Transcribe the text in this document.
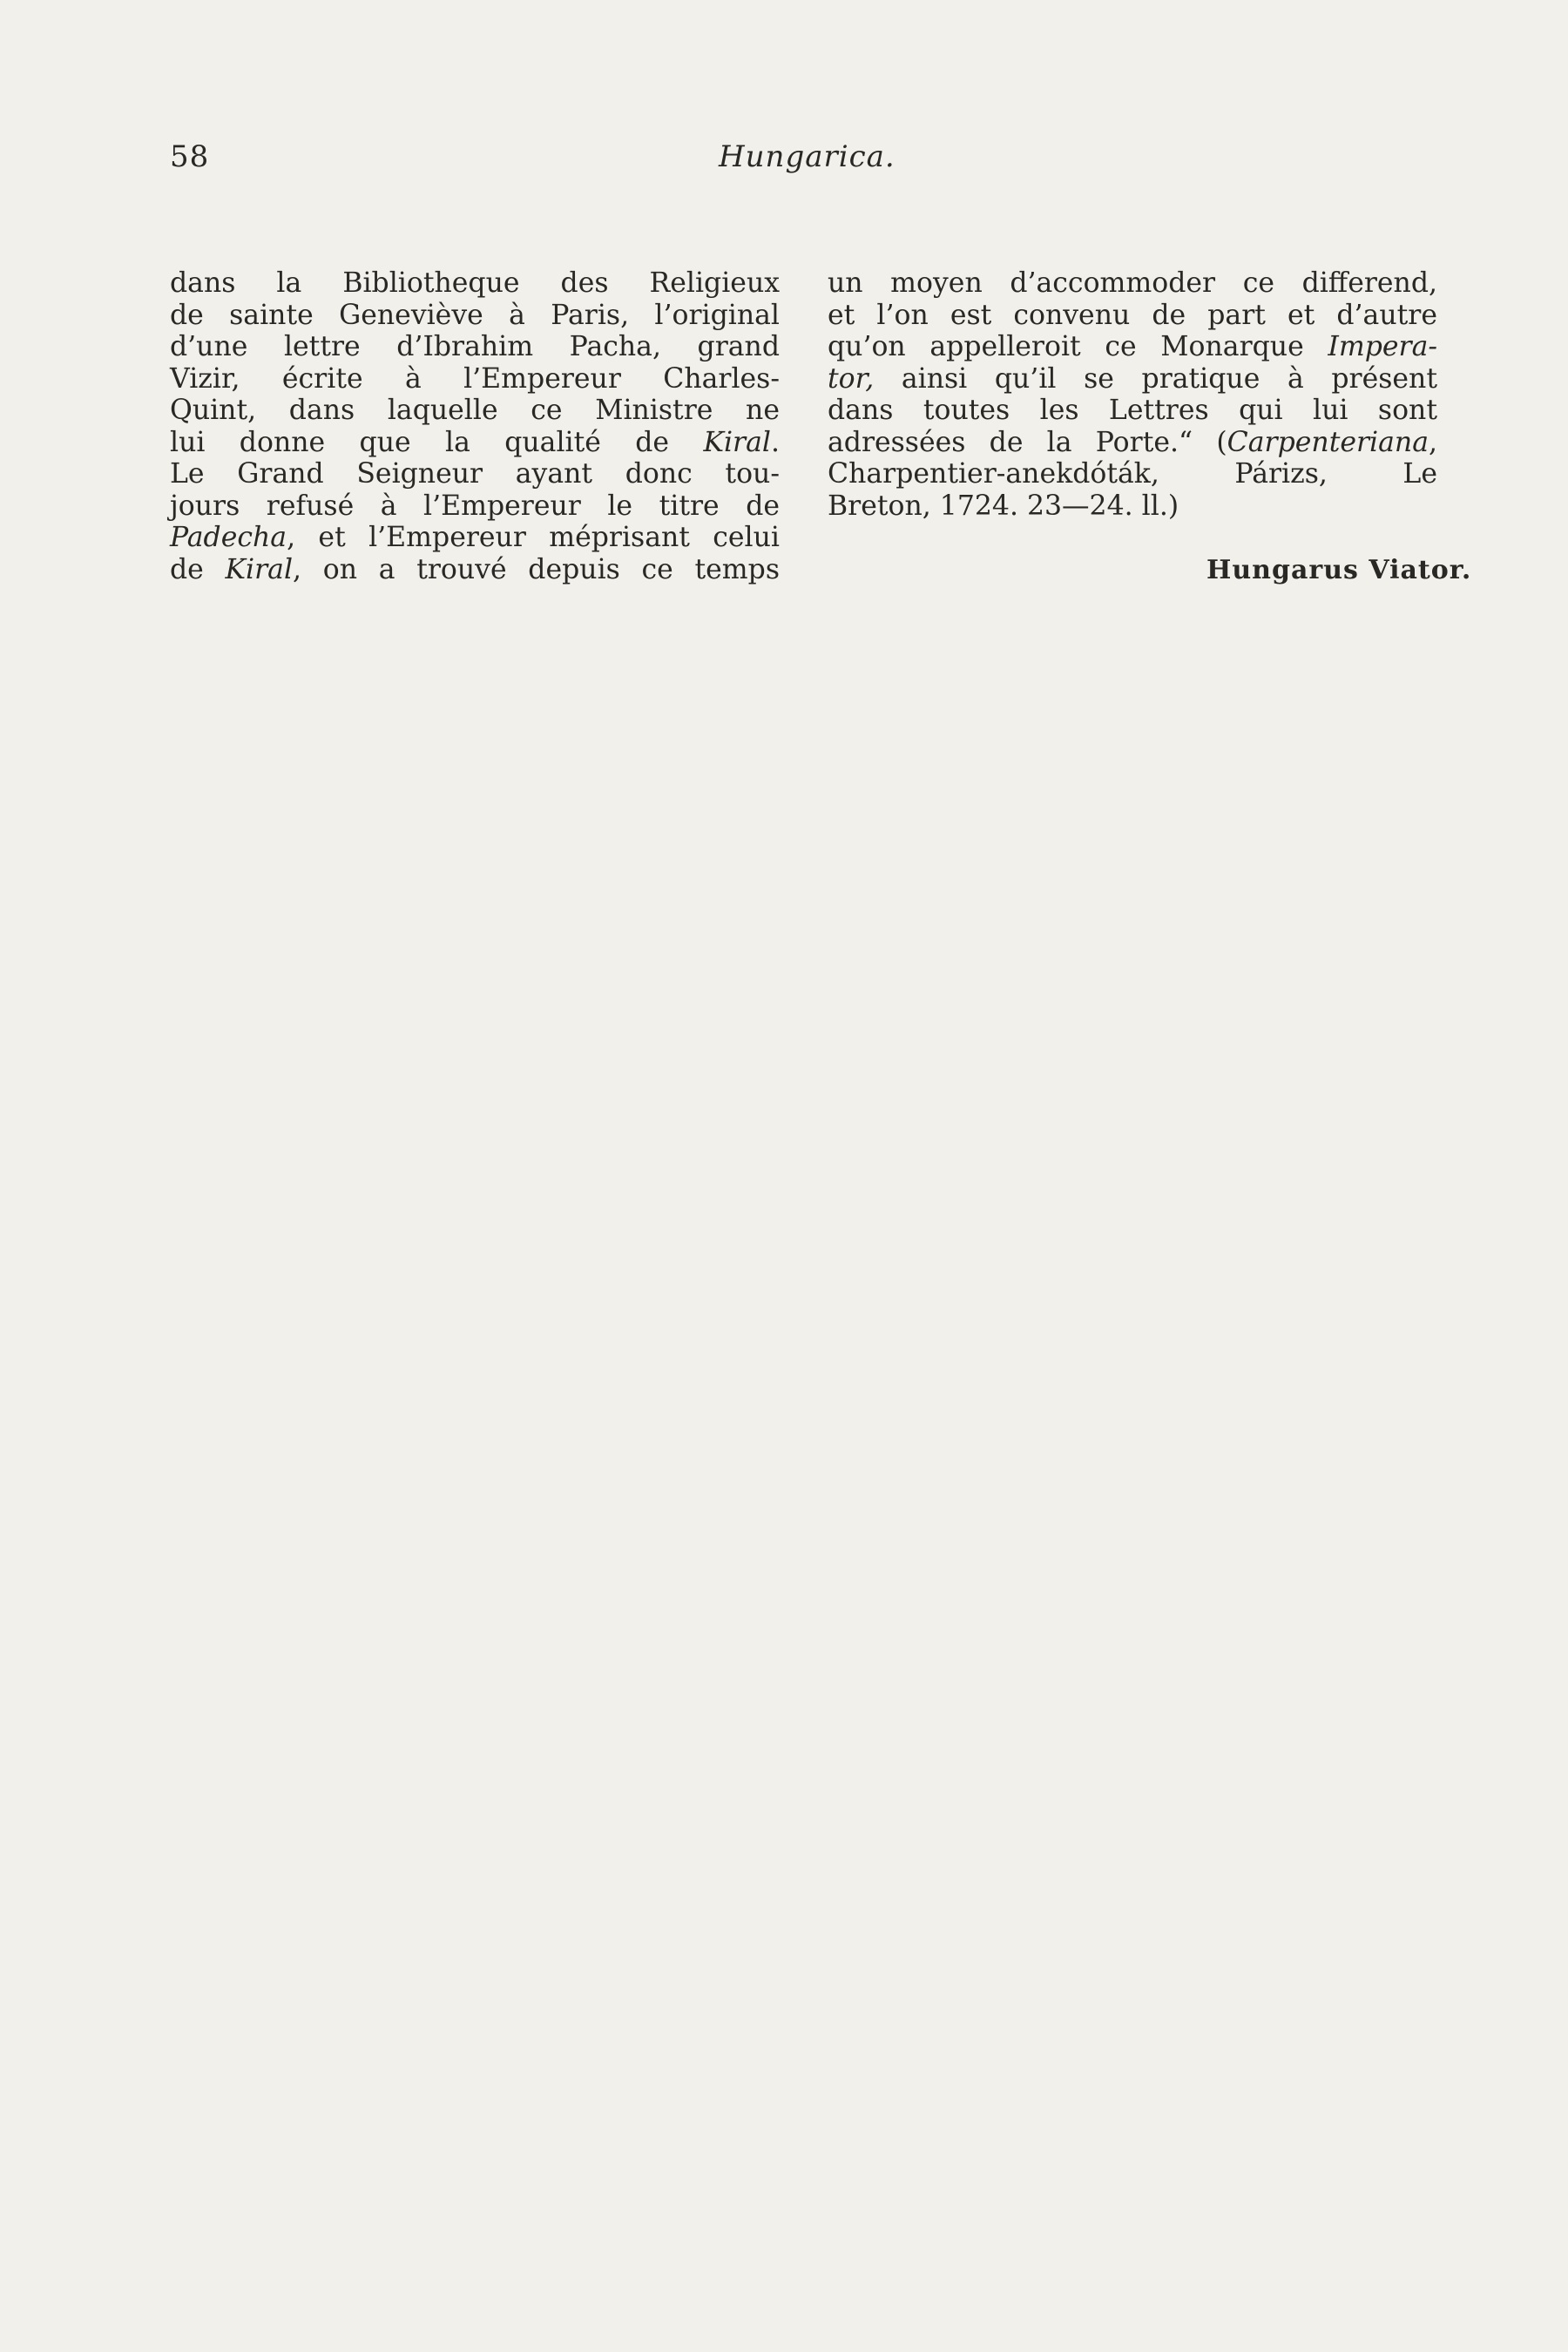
58	Hungarica.
dans la Bibliotheque des Religieux
de sainte Geneviève à Paris, l’original
d’une lettre d’Ibrahim Pacha, grand
Vizir, écrite à l’Empereur Charles-
Quint, dans laquelle ce Ministre ne
lui donne que la qualité de Kiral.
Le Grand Seigneur ayant donc tou-
jours refusé à l’Empereur le titre de
Padecha, et l’Empereur méprisant celui
de Kiral, on a trouvé depuis ce temps
un moyen d’accommoder ce differend,
et l’on est convenu de part et d’autre
qu’on appelleroit ce Monarque Impera-
tor, ainsi qu’il se pratique à présent
dans toutes les Lettres qui lui sont
adressées de la Porte.“ (Carpenteriana,
Charpentier-anekdóták, Párizs, Le
Breton, 1724. 23—24. ll.)
Hungarus Viator.
